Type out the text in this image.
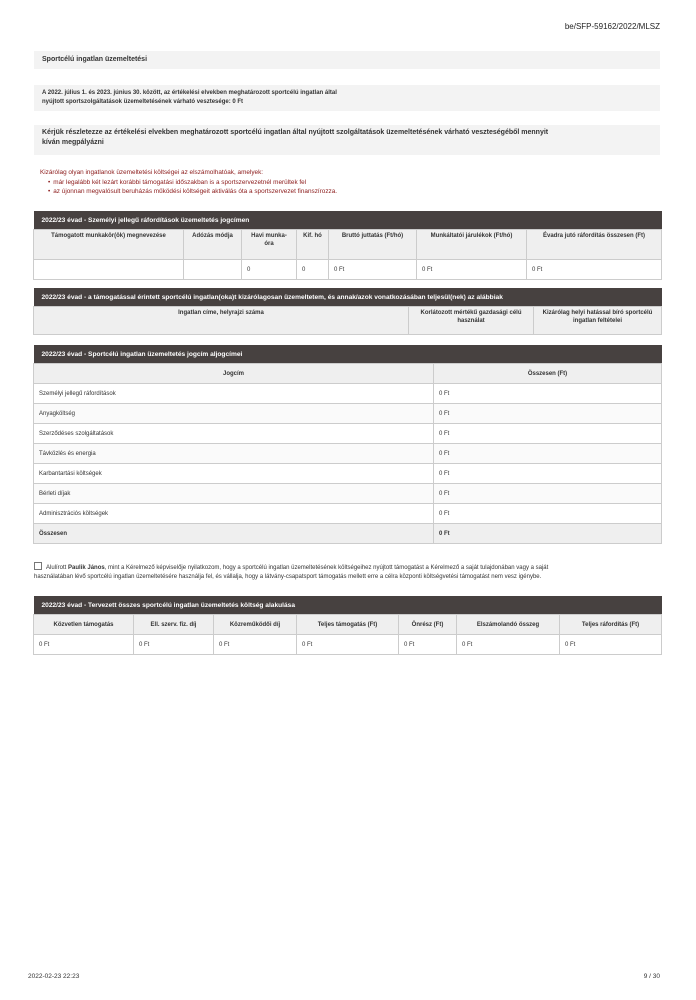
be/SFP-59162/2022/MLSZ
Sportcélú ingatlan üzemeltetési
A 2022. július 1. és 2023. június 30. között, az értékelési elvekben meghatározott sportcélú ingatlan által
nyújtott sportszolgáltatások üzemeltetésének várható vesztesége: 0 Ft
Kérjük részletezze az értékelési elvekben meghatározott sportcélú ingatlan által nyújtott szolgáltatások üzemeltetésének várható veszteségéből mennyit
kíván megpályázni
Kizárólag olyan ingatlanok üzemeltetési költségei az elszámolhatóak, amelyek:
• már legalább két lezárt korábbi támogatási időszakban is a sportszervezetnél merültek fel
• az újonnan megvalósult beruházás működési költségeit aktiválás óta a sportszervezet finanszírozza.
2022/23 évad - Személyi jellegű ráfordítások üzemeltetés jogcímen						
Támogatott munkakör(ök) megnevezése	Adózás módja	Havi munka-óra	Kif. hó	Bruttó juttatás (Ft/hó)	Munkáltatói járulékok (Ft/hó)	Évadra jutó ráfordítás összesen (Ft)
		0	0	0 Ft	0 Ft	0 Ft
2022/23 évad - a támogatással érintett sportcélú ingatlan(oka)t kizárólagosan üzemeltetem, és annak/azok vonatkozásában teljesül(nek) az alábbiak
Ingatlan címe, helyrajzi száma	Korlátozott mértékű gazdasági célú használat	Kizárólag helyi hatással bíró sportcélú ingatlan feltételei
2022/23 évad - Sportcélú ingatlan üzemeltetés jogcím aljogcímei	
Jogcím	Összesen (Ft)
Személyi jellegű ráfordítások	0 Ft
Anyagköltség	0 Ft
Szerződéses szolgáltatások	0 Ft
Távközlés és energia	0 Ft
Karbantartási költségek	0 Ft
Bérleti díjak	0 Ft
Adminisztrációs költségek	0 Ft
Összesen	0 Ft
Alulírott Paulik János, mint a Kérelmező képviselője nyilatkozom, hogy a sportcélú ingatlan üzemeltetésének költségeihez nyújtott támogatást a Kérelmező a saját tulajdonában vagy a saját
használatában lévő sportcélú ingatlan üzemeltetésére használja fel, és vállalja, hogy a látvány-csapatsport támogatás mellett erre a célra központi költségvetési támogatást nem vesz igénybe.
2022/23 évad - Tervezett összes sportcélú ingatlan üzemeltetés költség alakulása						
Közvetlen támogatás	Ell. szerv. fiz. díj	Közreműködői díj	Teljes támogatás (Ft)	Önrész (Ft)	Elszámolandó összeg	Teljes ráfordítás (Ft)
0 Ft	0 Ft	0 Ft	0 Ft	0 Ft	0 Ft	0 Ft
2022-02-23 22:23	9 / 30
